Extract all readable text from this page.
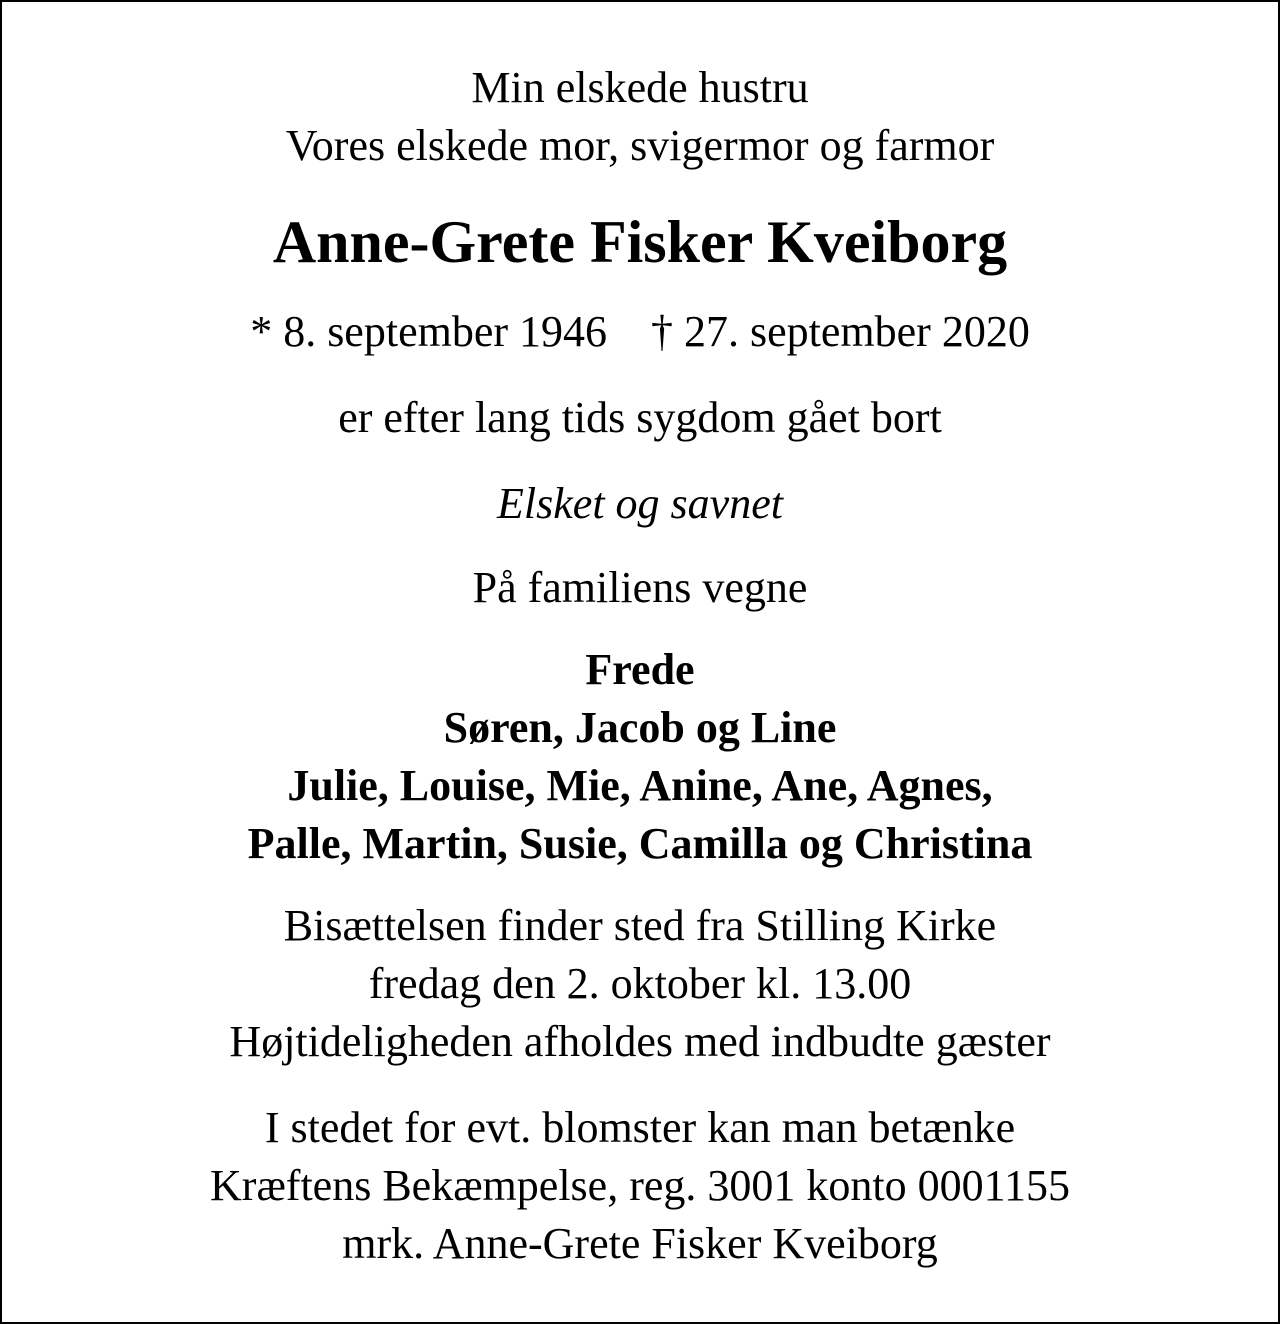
Min elskede hustru
Vores elskede mor, svigermor og farmor
Anne-Grete Fisker Kveiborg
* 8. september 1946 † 27. september 2020
er efter lang tids sygdom gået bort
Elsket og savnet
På familiens vegne
Frede
Søren, Jacob og Line
Julie, Louise, Mie, Anine, Ane, Agnes,
Palle, Martin, Susie, Camilla og Christina
Bisættelsen finder sted fra Stilling Kirke
fredag den 2. oktober kl. 13.00
Højtideligheden afholdes med indbudte gæster
I stedet for evt. blomster kan man betænke
Kræftens Bekæmpelse, reg. 3001 konto 0001155
mrk. Anne-Grete Fisker Kveiborg
